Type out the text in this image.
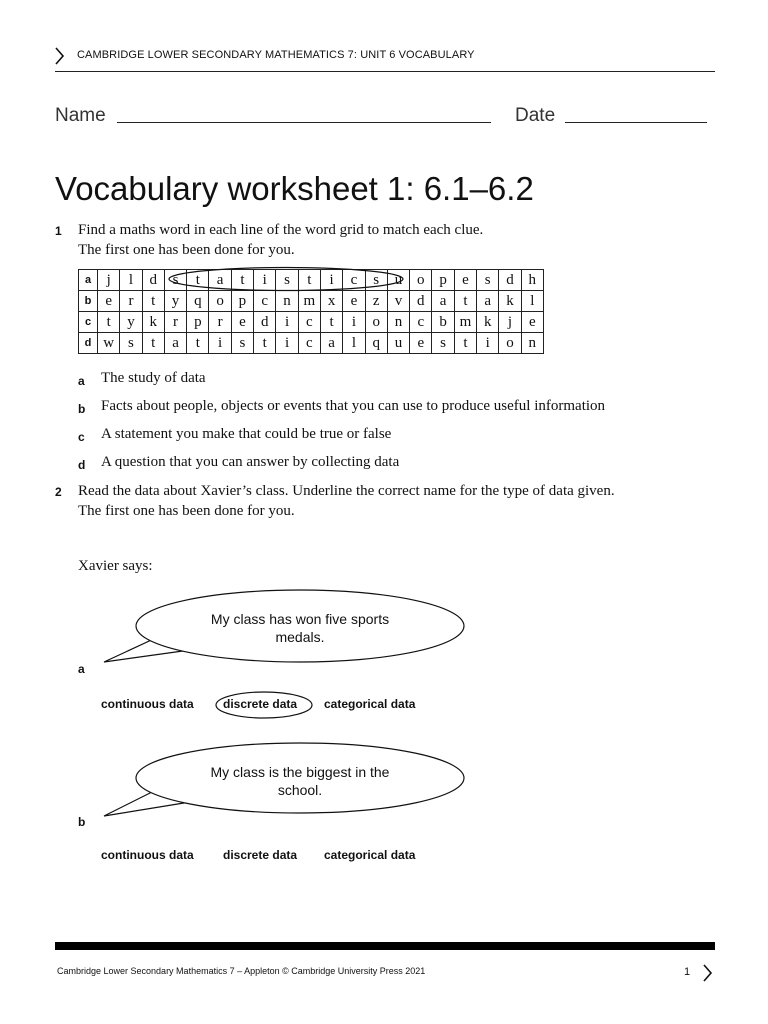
CAMBRIDGE LOWER SECONDARY MATHEMATICS 7: UNIT 6 VOCABULARY
Name	Date
Vocabulary worksheet 1: 6.1–6.2
1 Find a maths word in each line of the word grid to match each clue.
The first one has been done for you.
a	j	l	d	s	t	a	t	i	s	t	i	c	s	u	o	p	e	s	d	h
b	e	r	t	y	q	o	p	c	n	m	x	e	z	v	d	a	t	a	k	l
c	t	y	k	r	p	r	e	d	i	c	t	i	o	n	c	b	m	k	j	e
d	w	s	t	a	t	i	s	t	i	c	a	l	q	u	e	s	t	i	o	n
a The study of data
b Facts about people, objects or events that you can use to produce useful information
c A statement you make that could be true or false
d A question that you can answer by collecting data
2 Read the data about Xavier’s class. Underline the correct name for the type of data given.
The first one has been done for you.
Xavier says:
My class has won five sports medals.
a
continuous data discrete data categorical data
My class is the biggest in the school.
b
continuous data discrete data categorical data
Cambridge Lower Secondary Mathematics 7 – Appleton © Cambridge University Press 2021	1
